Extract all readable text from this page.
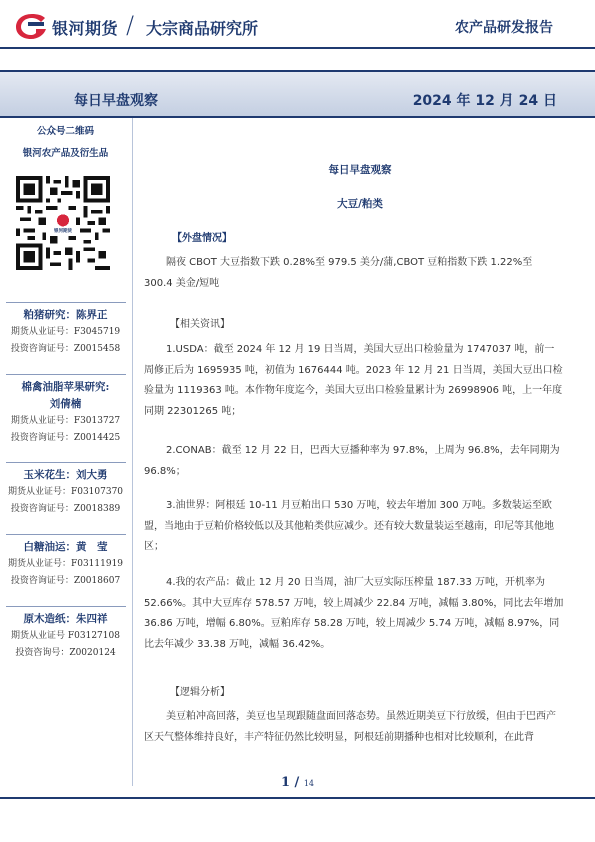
银河期货 / 大宗商品研究所	农产品研发报告
每日早盘观察	2024 年 12 月 24 日
公众号二维码
银河农产品及衍生品
银河期货
粕猪研究：陈界正
期货从业证号：F3045719
投资咨询证号：Z0015458
棉禽油脂苹果研究:
刘倩楠
期货从业证号：F3013727
投资咨询证号：Z0014425
玉米花生：刘大勇
期货从业证号：F03107370
投资咨询证号：Z0018389
白糖油运：黄　莹
期货从业证号：F03111919
投资咨询证号：Z0018607
原木造纸：朱四祥
期货从业证号 F03127108
投资咨询号：Z0020124
每日早盘观察
大豆/粕类
【外盘情况】
隔夜 CBOT 大豆指数下跌 0.28%至 979.5 美分/蒲,CBOT 豆粕指数下跌 1.22%至 300.4 美金/短吨
【相关资讯】
1.USDA：截至 2024 年 12 月 19 日当周，美国大豆出口检验量为 1747037 吨，前一周修正后为 1695935 吨，初值为 1676444 吨。2023 年 12 月 21 日当周，美国大豆出口检验量为 1119363 吨。本作物年度迄今，美国大豆出口检验量累计为 26998906 吨，上一年度同期 22301265 吨；
2.CONAB：截至 12 月 22 日，巴西大豆播种率为 97.8%，上周为 96.8%，去年同期为 96.8%；
3.油世界：阿根廷 10-11 月豆粕出口 530 万吨，较去年增加 300 万吨。多数装运至欧盟，当地由于豆粕价格较低以及其他粕类供应减少。还有较大数量装运至越南，印尼等其他地区；
4.我的农产品：截止 12 月 20 日当周，油厂大豆实际压榨量 187.33 万吨，开机率为 52.66%。其中大豆库存 578.57 万吨，较上周减少 22.84 万吨，减幅 3.80%，同比去年增加 36.86 万吨，增幅 6.80%。豆粕库存 58.28 万吨，较上周减少 5.74 万吨，减幅 8.97%，同比去年减少 33.38 万吨，减幅 36.42%。
【逻辑分析】
美豆粕冲高回落，美豆也呈现跟随盘面回落态势。虽然近期美豆下行放缓，但由于巴西产区天气整体维持良好，丰产特征仍然比较明显，阿根廷前期播种也相对比较顺利，在此背
1 / 14
